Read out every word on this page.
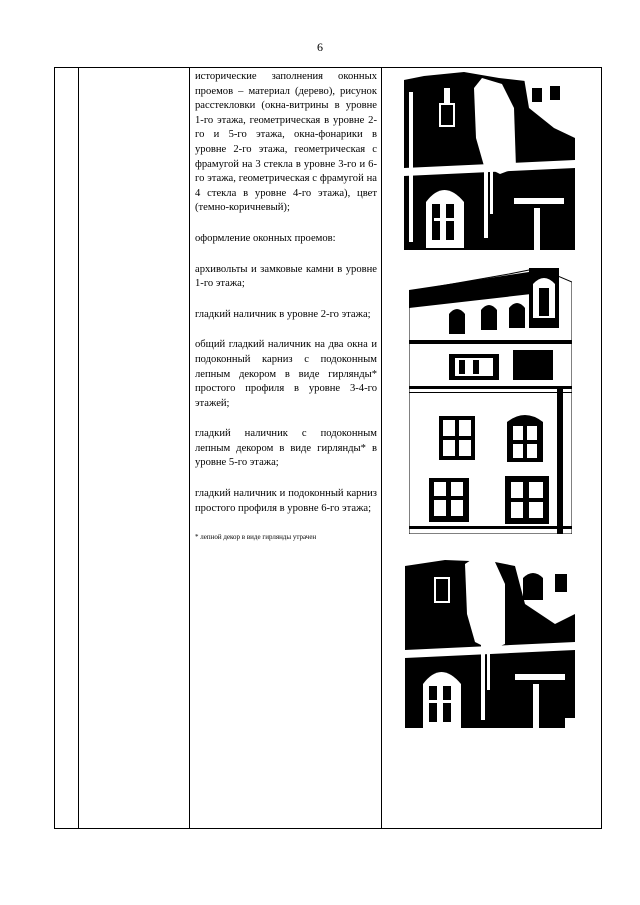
6

исторические заполнения оконных проемов – материал (дерево), рисунок расстекловки (окна-витрины в уровне 1-го этажа, геометрическая в уровне 2-го и 5-го этажа, окна-фонарики в уровне 2-го этажа, геометрическая с фрамугой на 3 стекла в уровне 3-го и 6-го этажа, геометрическая с фрамугой на 4 стекла в уровне 4-го этажа), цвет (темно-коричневый);

оформление оконных проемов:

архивольты и замковые камни в уровне 1-го этажа;

гладкий наличник в уровне 2-го этажа;

общий гладкий наличник на два окна и подоконный карниз с подоконным лепным декором в виде гирлянды* простого профиля в уровне 3-4-го этажей;

гладкий наличник с подоконным лепным декором в виде гирлянды* в уровне 5-го этажа;

гладкий наличник и подоконный карниз простого профиля в уровне 6-го этажа;

* лепной декор в виде гирлянды утрачен
